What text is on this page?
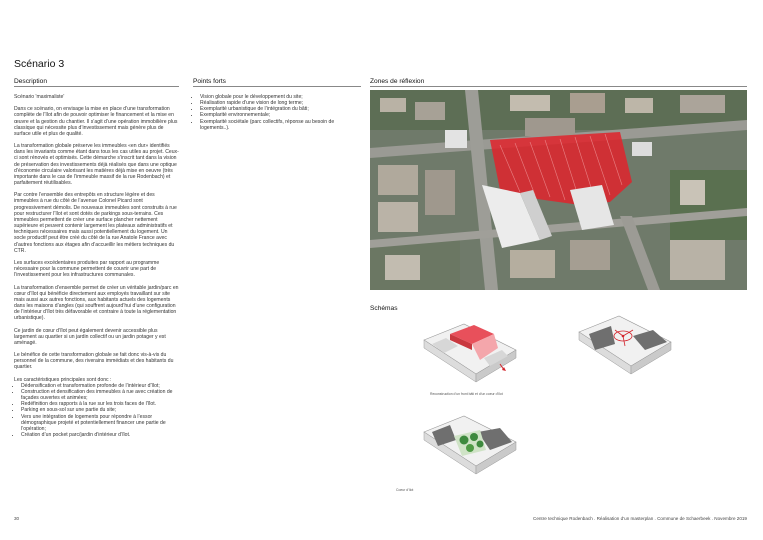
Scénario 3
Description	Points forts	Zones de réflexion

Scénario 'maximaliste'

Dans ce scénario, on envisage la mise en place d’une transformation complète de l’îlot afin de pouvoir optimiser le financement et la mise en œuvre et la gestion du chantier. Il s’agit d’une opération immobilière plus classique qui nécessite plus d’investissement mais génère plus de surface utile et plus de qualité.

La transformation globale préserve les immeubles «en dur» identifiés dans les invariants comme étant dans tous les cas utiles au projet. Ceux-ci sont rénovés et optimisés. Cette démarche s’inscrit tant dans la vision de préservation des investissements déjà réalisés que dans une optique d’économie circulaire valorisant les matières déjà mise en oeuvre (très importante dans le cas de l’immeuble massif de la rue Rodenbach) et parfaitement réutilisables.

Par contre l’ensemble des entrepôts en structure légère et des immeubles à rue du côté de l’avenue Colonel Picard sont progressivement démolis. De nouveaux immeubles sont construits à rue pour restructurer l’îlot et sont dotés de parkings sous-terrains. Ces immeubles permettent de créer une surface plancher nettement supérieure et peuvent contenir largement les plateaux administratifs et techniques nécessaires mais aussi potentiellement du logement. Un socle productif peut être créé du côté de la rue Anatole France avec d’autres fonctions aux étages afin d’accueillir les métiers techniques du CTR.

Les surfaces excédentaires produites par rapport au programme nécessaire pour la commune permettent de couvrir une part de l’investissement pour les infrastructures communales.

La transformation d’ensemble permet de créer un véritable jardin/parc en cœur d’îlot qui bénéficie directement aux employés travaillant sur site mais aussi aux autres fonctions, aux habitants actuels des logements dans les maisons d’angles (qui souffrent aujourd’hui d’une configuration de l’intérieur d’îlot très défavorable et contraire à toute la réglementation urbanistique).

Ce jardin de cœur d’îlot peut également devenir accessible plus largement au quartier si un jardin collectif ou un jardin potager y est aménagé.

Le bénéfice de cette transformation globale se fait donc vis-à-vis du personnel de la commune, des riverains immédiats et des habitants du quartier.

Les caractéristiques principales sont donc :

• Dédensification et transformation profonde de l’intérieur d’îlot;
• Construction et densification des immeubles à rue avec création de façades ouvertes et animées;
• Redéfinition des rapports à la rue sur les trois faces de l’îlot.
• Parking en sous-sol sur une partie du site;
• Vers une intégration de logements pour répondre à l’essor démographique projeté et potentiellement financer une partie de l’opération;
• Création d’un pocket parc/jardin d’intérieur d’îlot.
• Vision globale pour le développement du site;
• Réalisation rapide d’une vision de long terme;
• Exemplarité urbanistique de l’intégration du bâti;
• Exemplarité environnementale;
• Exemplarité sociétale (parc collectifs, réponse au besoin de logements..).
Schémas
Reconstruction d’un front bâti et d’un coeur d’îlot
Coeur d’îlot
30	Centre technique Rodenbach . Réalisation d’un masterplan . Commune de Schaerbeek . Novembre 2019
